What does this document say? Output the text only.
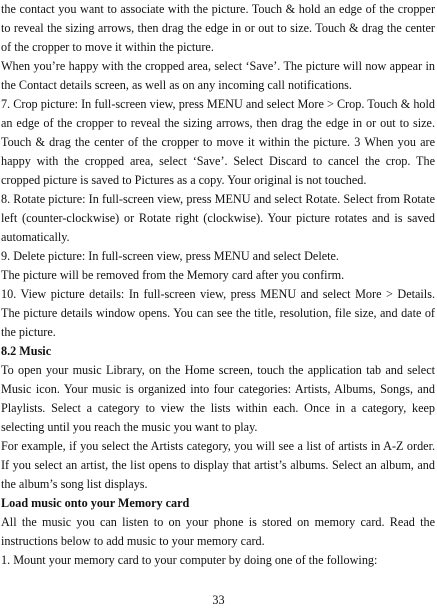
the contact you want to associate with the picture. Touch & hold an edge of the cropper to reveal the sizing arrows, then drag the edge in or out to size. Touch & drag the center of the cropper to move it within the picture.

When you’re happy with the cropped area, select ‘Save’. The picture will now appear in the Contact details screen, as well as on any incoming call notifications.

7. Crop picture: In full-screen view, press MENU and select More > Crop. Touch & hold an edge of the cropper to reveal the sizing arrows, then drag the edge in or out to size. Touch & drag the center of the cropper to move it within the picture. 3 When you are happy with the cropped area, select ‘Save’. Select Discard to cancel the crop. The cropped picture is saved to Pictures as a copy. Your original is not touched.

8. Rotate picture: In full-screen view, press MENU and select Rotate. Select from Rotate left (counter-clockwise) or Rotate right (clockwise). Your picture rotates and is saved automatically.

9. Delete picture: In full-screen view, press MENU and select Delete.

The picture will be removed from the Memory card after you confirm.

10. View picture details: In full-screen view, press MENU and select More > Details. The picture details window opens. You can see the title, resolution, file size, and date of the picture.

8.2 Music

To open your music Library, on the Home screen, touch the application tab and select Music icon. Your music is organized into four categories: Artists, Albums, Songs, and Playlists. Select a category to view the lists within each. Once in a category, keep selecting until you reach the music you want to play.

For example, if you select the Artists category, you will see a list of artists in A-Z order. If you select an artist, the list opens to display that artist’s albums. Select an album, and the album’s song list displays.

Load music onto your Memory card

All the music you can listen to on your phone is stored on memory card. Read the instructions below to add music to your memory card.

1. Mount your memory card to your computer by doing one of the following:

33
